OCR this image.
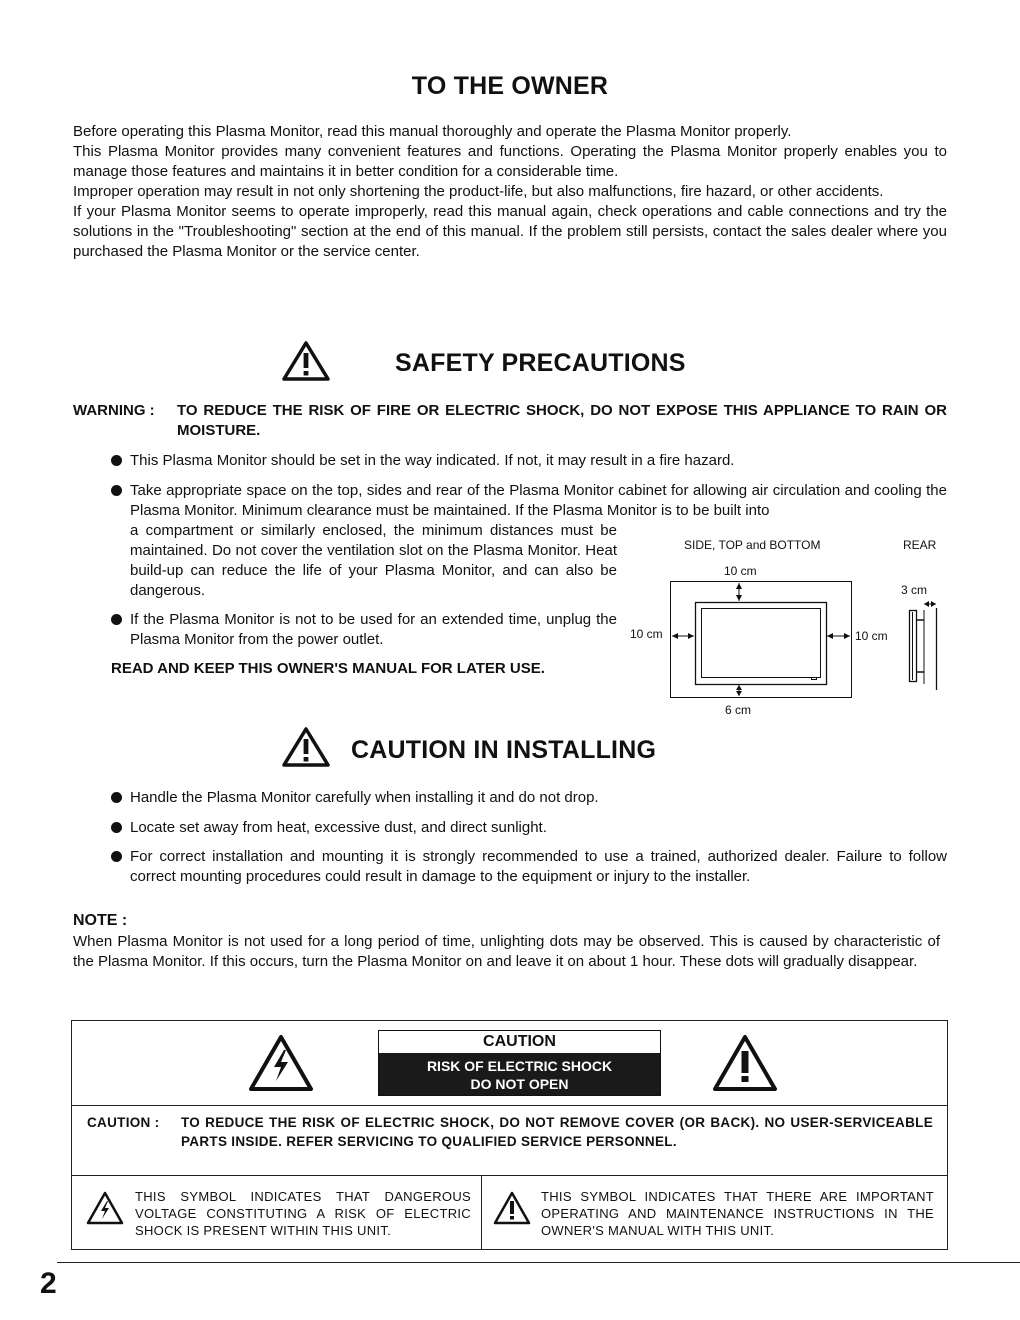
TO THE OWNER
Before operating this Plasma Monitor, read this manual thoroughly and operate the Plasma Monitor properly.
This Plasma Monitor provides many convenient features and functions. Operating the Plasma Monitor properly enables you to manage those features and maintains it in better condition for a considerable time.
Improper operation may result in not only shortening the product-life, but also malfunctions, fire hazard, or other accidents.
If your Plasma Monitor seems to operate improperly, read this manual again, check operations and cable connections and try the solutions in the "Troubleshooting" section at the end of this manual. If the problem still persists, contact the sales dealer where you purchased the Plasma Monitor or the service center.
SAFETY PRECAUTIONS
WARNING : TO REDUCE THE RISK OF FIRE OR ELECTRIC SHOCK, DO NOT EXPOSE THIS APPLIANCE TO RAIN OR MOISTURE.
This Plasma Monitor should be set in the way indicated. If not, it may result in a fire hazard.
Take appropriate space on the top, sides and rear of the Plasma Monitor cabinet for allowing air circulation and cooling the Plasma Monitor. Minimum clearance must be maintained. If the Plasma Monitor is to be built into
a compartment or similarly enclosed, the minimum distances must be maintained. Do not cover the ventilation slot on the Plasma Monitor. Heat build-up can reduce the life of your Plasma Monitor, and can also be dangerous.
If the Plasma Monitor is not to be used for an extended time, unplug the Plasma Monitor from the power outlet.
READ AND KEEP THIS OWNER'S MANUAL FOR LATER USE.
SIDE, TOP and BOTTOM	REAR
10 cm
10 cm	10 cm
6 cm
3 cm
CAUTION IN INSTALLING
Handle the Plasma Monitor carefully when installing it and do not drop.
Locate set away from heat, excessive dust, and direct sunlight.
For correct installation and mounting it is strongly recommended to use a trained, authorized dealer. Failure to follow correct mounting procedures could result in damage to the equipment or injury to the installer.
NOTE :
When Plasma Monitor is not used for a long period of time, unlighting dots may be observed. This is caused by characteristic of the Plasma Monitor. If this occurs, turn the Plasma Monitor on and leave it on about 1 hour. These dots will gradually disappear.
CAUTION
RISK OF ELECTRIC SHOCK
DO NOT OPEN
CAUTION : TO REDUCE THE RISK OF ELECTRIC SHOCK, DO NOT REMOVE COVER (OR BACK). NO USER-SERVICEABLE PARTS INSIDE. REFER SERVICING TO QUALIFIED SERVICE PERSONNEL.
THIS SYMBOL INDICATES THAT DANGEROUS VOLTAGE CONSTITUTING A RISK OF ELECTRIC SHOCK IS PRESENT WITHIN THIS UNIT.
THIS SYMBOL INDICATES THAT THERE ARE IMPORTANT OPERATING AND MAINTENANCE INSTRUCTIONS IN THE OWNER'S MANUAL WITH THIS UNIT.
2
